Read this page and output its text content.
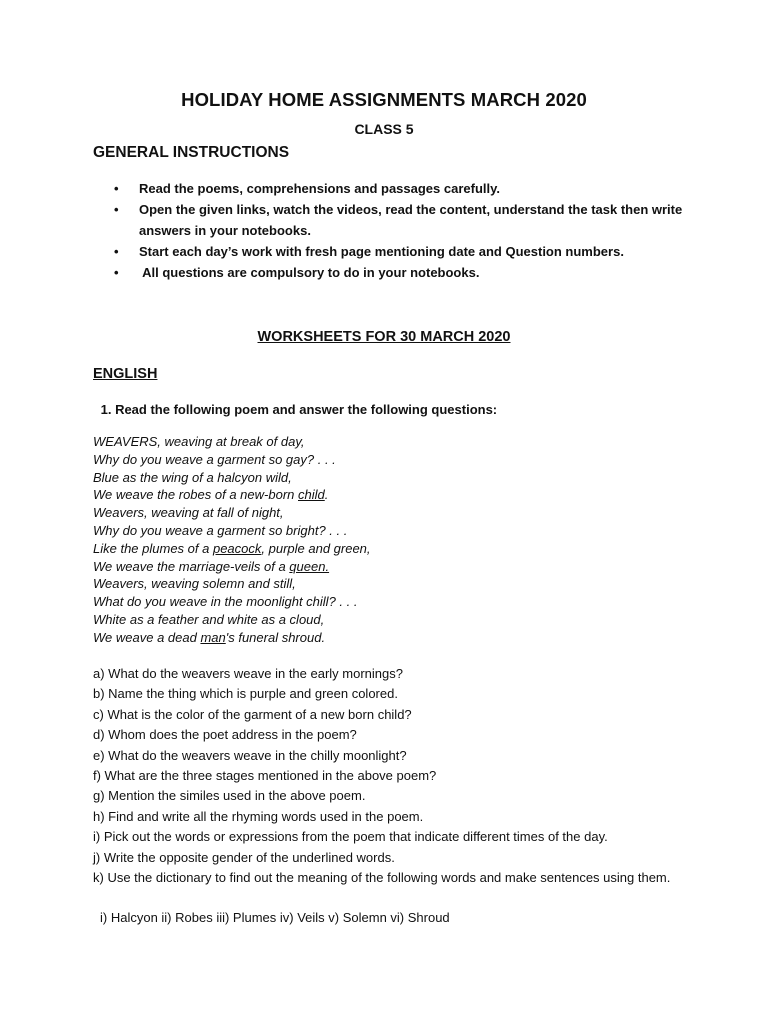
HOLIDAY HOME ASSIGNMENTS MARCH 2020
CLASS 5
GENERAL INSTRUCTIONS
• Read the poems, comprehensions and passages carefully.
• Open the given links, watch the videos, read the content, understand the task then write answers in your notebooks.
• Start each day’s work with fresh page mentioning date and Question numbers.
• All questions are compulsory to do in your notebooks.
WORKSHEETS FOR 30 MARCH 2020
ENGLISH
1. Read the following poem and answer the following questions:
WEAVERS, weaving at break of day,
Why do you weave a garment so gay? . . .
Blue as the wing of a halcyon wild,
We weave the robes of a new-born child.
Weavers, weaving at fall of night,
Why do you weave a garment so bright? . . .
Like the plumes of a peacock, purple and green,
We weave the marriage-veils of a queen.
Weavers, weaving solemn and still,
What do you weave in the moonlight chill? . . .
White as a feather and white as a cloud,
We weave a dead man's funeral shroud.
a) What do the weavers weave in the early mornings?
b) Name the thing which is purple and green colored.
c) What is the color of the garment of a new born child?
d) Whom does the poet address in the poem?
e) What do the weavers weave in the chilly moonlight?
f) What are the three stages mentioned in the above poem?
g) Mention the similes used in the above poem.
h) Find and write all the rhyming words used in the poem.
i) Pick out the words or expressions from the poem that indicate different times of the day.
j) Write the opposite gender of the underlined words.
k) Use the dictionary to find out the meaning of the following words and make sentences using them.
i) Halcyon ii) Robes iii) Plumes iv) Veils v) Solemn vi) Shroud
